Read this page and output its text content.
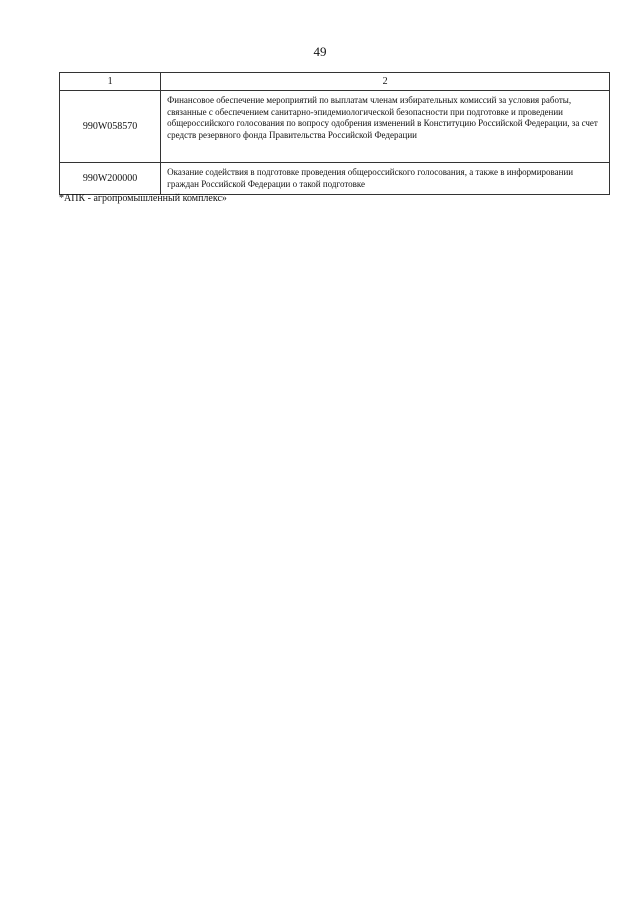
49
1	2
990W058570	Финансовое обеспечение мероприятий по выплатам членам избирательных комиссий за условия работы, связанные с обеспечением санитарно-эпидемиологической безопасности при подготовке и проведении общероссийского голосования по вопросу одобрения изменений в Конституцию Российской Федерации, за счет средств резервного фонда Правительства Российской Федерации
990W200000	Оказание содействия в подготовке проведения общероссийского голосования, а также в информировании граждан Российской Федерации о такой подготовке
*АПК - агропромышленный комплекс»
